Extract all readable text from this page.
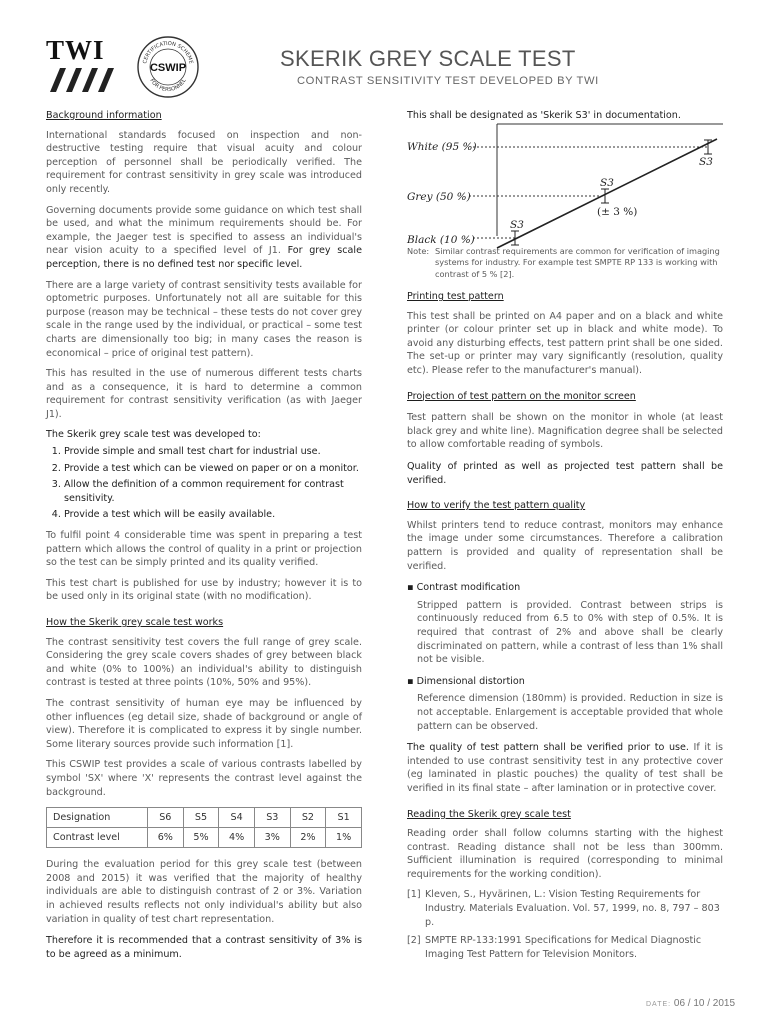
TWI	CERTIFICATION SCHEME
FOR PERSONNEL
CSWIP	SKERIK GREY SCALE TEST
CONTRAST SENSITIVITY TEST DEVELOPED BY TWI

Background information

International standards focused on inspection and non-destructive testing require that visual acuity and colour perception of personnel shall be periodically verified. The requirement for contrast sensitivity in grey scale was introduced only recently.

Governing documents provide some guidance on which test shall be used, and what the minimum requirements should be. For example, the Jaeger test is specified to assess an individual's near vision acuity to a specified level of J1. For grey scale perception, there is no defined test nor specific level.

There are a large variety of contrast sensitivity tests available for optometric purposes. Unfortunately not all are suitable for this purpose (reason may be technical – these tests do not cover grey scale in the range used by the individual, or practical – some test charts are dimensionally too big; in many cases the reason is economical – price of original test pattern).

This has resulted in the use of numerous different tests charts and as a consequence, it is hard to determine a common requirement for contrast sensitivity verification (as with Jaeger J1).

The Skerik grey scale test was developed to:

1. Provide simple and small test chart for industrial use.
2. Provide a test which can be viewed on paper or on a monitor.
3. Allow the definition of a common requirement for contrast sensitivity.
4. Provide a test which will be easily available.

To fulfil point 4 considerable time was spent in preparing a test pattern which allows the control of quality in a print or projection so the test can be simply printed and its quality verified.

This test chart is published for use by industry; however it is to be used only in its original state (with no modification).

How the Skerik grey scale test works

The contrast sensitivity test covers the full range of grey scale. Considering the grey scale covers shades of grey between black and white (0% to 100%) an individual's ability to distinguish contrast is tested at three points (10%, 50% and 95%).

The contrast sensitivity of human eye may be influenced by other influences (eg detail size, shade of background or angle of view). Therefore it is complicated to express it by single number. Some literary sources provide such information [1].

This CSWIP test provides a scale of various contrasts labelled by symbol 'SX' where 'X' represents the contrast level against the background.

Designation	S6	S5	S4	S3	S2	S1
Contrast level	6%	5%	4%	3%	2%	1%

During the evaluation period for this grey scale test (between 2008 and 2015) it was verified that the majority of healthy individuals are able to distinguish contrast of 2 or 3%. Variation in achieved results reflects not only individual's ability but also variation in quality of test chart representation.

Therefore it is recommended that a contrast sensitivity of 3% is to be agreed as a minimum.

This shall be designated as 'Skerik S3' in documentation.

White (95 %)
Grey (50 %)
Black (10 %)
S3
S3
S3
(± 3 %)
Note: Similar contrast requirements are common for verification of imaging systems for industry. For example test SMPTE RP 133 is working with contrast of 5 % [2].

Printing test pattern

This test shall be printed on A4 paper and on a black and white printer (or colour printer set up in black and white mode). To avoid any disturbing effects, test pattern print shall be one sided. The set-up or printer may vary significantly (resolution, quality etc). Please refer to the manufacturer's manual).

Projection of test pattern on the monitor screen

Test pattern shall be shown on the monitor in whole (at least black grey and white line). Magnification degree shall be selected to allow comfortable reading of symbols.

Quality of printed as well as projected test pattern shall be verified.

How to verify the test pattern quality

Whilst printers tend to reduce contrast, monitors may enhance the image under some circumstances. Therefore a calibration pattern is provided and quality of representation shall be verified.

▪ Contrast modification

Stripped pattern is provided. Contrast between strips is continuously reduced from 6.5 to 0% with step of 0.5%. It is required that contrast of 2% and above shall be clearly discriminated on pattern, while a contrast of less than 1% shall not be visible.

▪ Dimensional distortion

Reference dimension (180mm) is provided. Reduction in size is not acceptable. Enlargement is acceptable provided that whole pattern can be observed.

The quality of test pattern shall be verified prior to use. If it is intended to use contrast sensitivity test in any protective cover (eg laminated in plastic pouches) the quality of test shall be verified in its final state – after lamination or in protective cover.

Reading the Skerik grey scale test

Reading order shall follow columns starting with the highest contrast. Reading distance shall not be less than 300mm. Sufficient illumination is required (corresponding to minimal requirements for the working condition).

[1] Kleven, S., Hyvärinen, L.: Vision Testing Requirements for Industry. Materials Evaluation. Vol. 57, 1999, no. 8, 797 – 803 p.
[2] SMPTE RP-133:1991 Specifications for Medical Diagnostic Imaging Test Pattern for Television Monitors.
DATE: 06 / 10 / 2015
